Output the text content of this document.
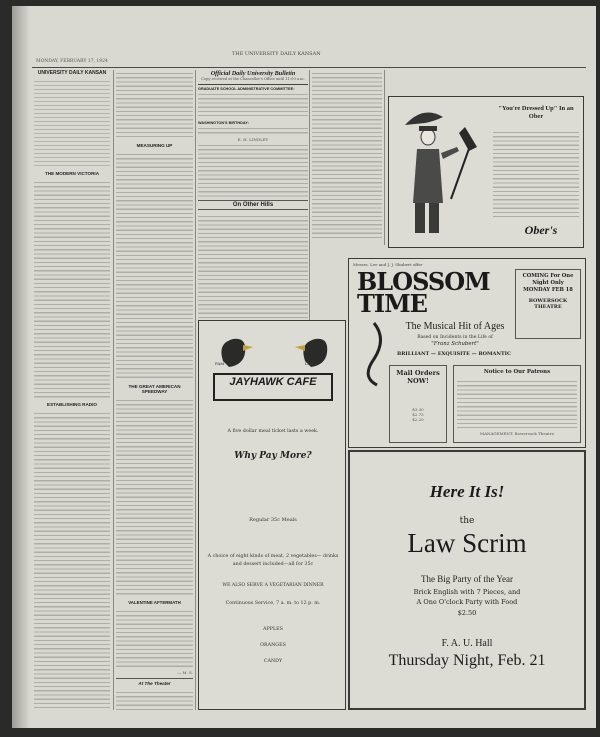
MONDAY, FEBRUARY 17, 1924
THE UNIVERSITY DAILY KANSAN
UNIVERSITY DAILY KANSAN

THE MODERN VICTORIA

ESTABLISHING RADIO

MEASURING UP

THE GREAT AMERICAN SPEEDWAY

VALENTINE AFTERMATH

— M. S.
At The Theater

Official Daily University Bulletin
Copy received at the Chancellor's Office until 11:00 a.m.
GRADUATE SCHOOL ADMINISTRATIVE COMMITTEE:

WASHINGTON'S BIRTHDAY:

E. H. LINDLEY

On Other Hills

"You're Dressed Up" In an Ober
Ober's
Messrs. Lee and J. J. Shubert offer
BLOSSOM TIME
The Musical Hit of Ages
Based on Incidents in the Life of
"Franz Schubert"
BRILLIANT — EXQUISITE — ROMANTIC
COMING For One Night Only MONDAY FEB 18
BOWERSOCK THEATRE
Mail Orders NOW!
$3.30
$2.75
$2.20
Notice to Our Patrons
MANAGEMENT, Bowersock Theatre
PAM	LARRY
JAYHAWK CAFE
A five dollar meal ticket lasts a week.
Why Pay More?
Regular 35c Meals
A choice of eight kinds of meat, 2 vegetables— drinks and dessert included—all for 35c
WE ALSO SERVE A VEGETARIAN DINNER
Continuous Service, 7 a. m. to 12 p. m.
APPLES
ORANGES
CANDY
Here It Is!
the
Law Scrim
The Big Party of the Year
Brick English with 7 Pieces, and
A One O'clock Party with Food
$2.50
F. A. U. Hall
Thursday Night, Feb. 21
